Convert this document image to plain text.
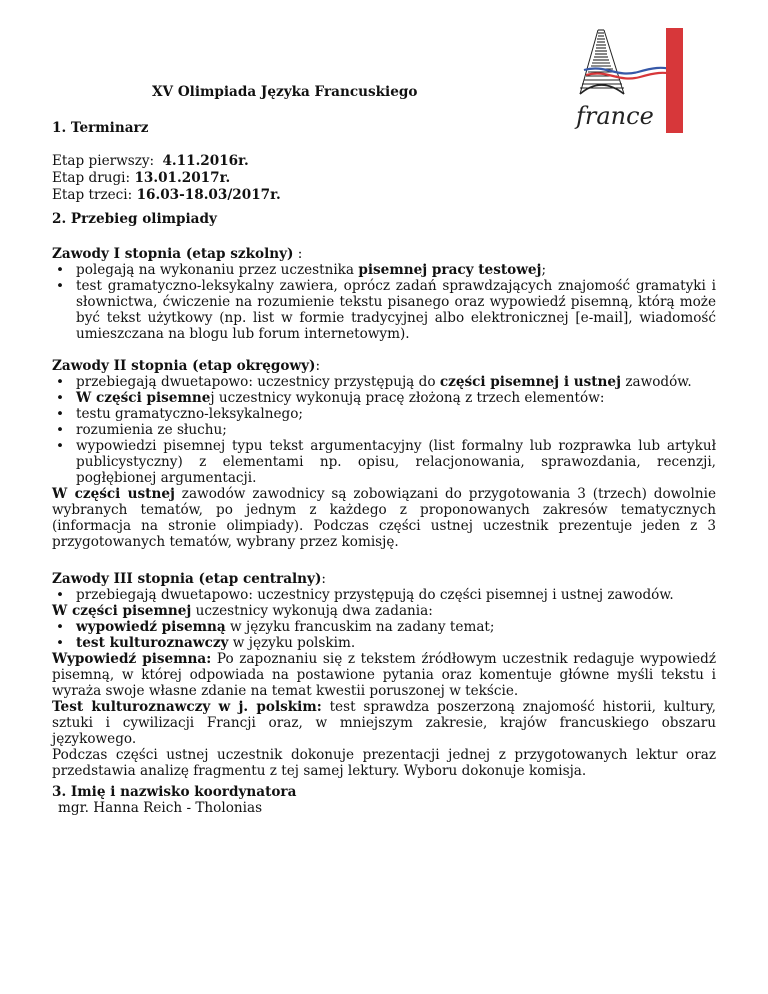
france
XV Olimpiada Języka Francuskiego
1. Terminarz
Etap pierwszy: 4.11.2016r.
Etap drugi: 13.01.2017r.
Etap trzeci: 16.03-18.03/2017r.
2. Przebieg olimpiady

Zawody I stopnia (etap szkolny) :

• polegają na wykonaniu przez uczestnika pisemnej pracy testowej;
• test gramatyczno-leksykalny zawiera, oprócz zadań sprawdzających znajomość gramatyki i słownictwa, ćwiczenie na rozumienie tekstu pisanego oraz wypowiedź pisemną, którą może być tekst użytkowy (np. list w formie tradycyjnej albo elektronicznej [e-mail], wiadomość umieszczana na blogu lub forum internetowym).

Zawody II stopnia (etap okręgowy):

• przebiegają dwuetapowo: uczestnicy przystępują do części pisemnej i ustnej zawodów.
• W części pisemnej uczestnicy wykonują pracę złożoną z trzech elementów:
• testu gramatyczno-leksykalnego;
• rozumienia ze słuchu;
• wypowiedzi pisemnej typu tekst argumentacyjny (list formalny lub rozprawka lub artykuł publicystyczny) z elementami np. opisu, relacjonowania, sprawozdania, recenzji, pogłębionej argumentacji.

W części ustnej zawodów zawodnicy są zobowiązani do przygotowania 3 (trzech) dowolnie wybranych tematów, po jednym z każdego z proponowanych zakresów tematycznych (informacja na stronie olimpiady). Podczas części ustnej uczestnik prezentuje jeden z 3 przygotowanych tematów, wybrany przez komisję.

Zawody III stopnia (etap centralny):

• przebiegają dwuetapowo: uczestnicy przystępują do części pisemnej i ustnej zawodów.

W części pisemnej uczestnicy wykonują dwa zadania:

• wypowiedź pisemną w języku francuskim na zadany temat;
• test kulturoznawczy w języku polskim.

Wypowiedź pisemna: Po zapoznaniu się z tekstem źródłowym uczestnik redaguje wypowiedź pisemną, w której odpowiada na postawione pytania oraz komentuje główne myśli tekstu i wyraża swoje własne zdanie na temat kwestii poruszonej w tekście.

Test kulturoznawczy w j. polskim: test sprawdza poszerzoną znajomość historii, kultury, sztuki i cywilizacji Francji oraz, w mniejszym zakresie, krajów francuskiego obszaru językowego.

Podczas części ustnej uczestnik dokonuje prezentacji jednej z przygotowanych lektur oraz przedstawia analizę fragmentu z tej samej lektury. Wyboru dokonuje komisja.

3. Imię i nazwisko koordynatora
mgr. Hanna Reich - Tholonias
